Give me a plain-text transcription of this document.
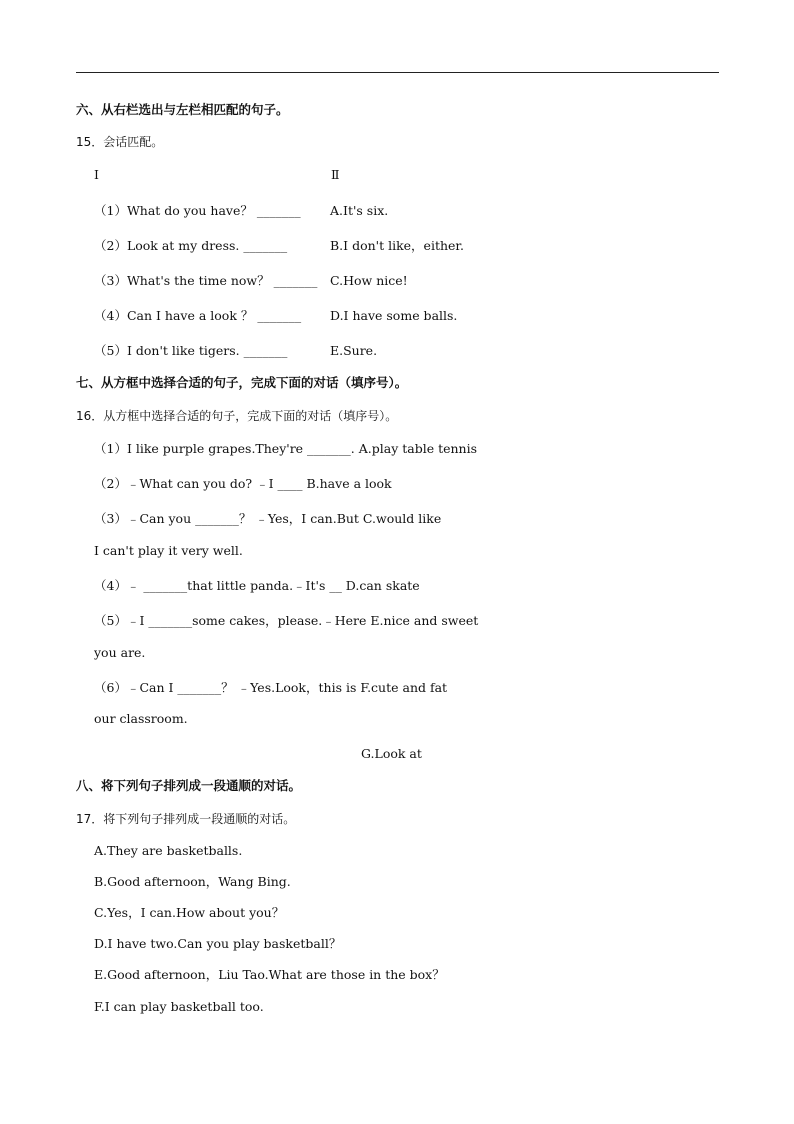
六、从右栏选出与左栏相匹配的句子。
15．会话匹配。
I	Ⅱ
（1）What do you have？ _______ A.It's six.
（2）Look at my dress. _______	B.I don't like，either.
（3）What's the time now？ _______ C.How nice!
（4）Can I have a look ？ _______ D.I have some balls.
（5）I don't like tigers. _______	E.Sure.
七、从方框中选择合适的句子，完成下面的对话（填序号）。
16．从方框中选择合适的句子，完成下面的对话（填序号）。
（1）I like purple grapes.They're _______. A.play table tennis
（2）﹣What can you do? ﹣I ____ B.have a look
（3）﹣Can you _______？ ﹣Yes，I can.But C.would like
I can't play it very well.
（4）﹣ _______that little panda.﹣It's __ D.can skate
（5）﹣I _______some cakes，please.﹣Here E.nice and sweet
you are.
（6）﹣Can I _______？ ﹣Yes.Look，this is F.cute and fat
our classroom.
G.Look at
八、将下列句子排列成一段通顺的对话。
17．将下列句子排列成一段通顺的对话。
A.They are basketballs.
B.Good afternoon，Wang Bing.
C.Yes，I can.How about you？
D.I have two.Can you play basketball？
E.Good afternoon，Liu Tao.What are those in the box？
F.I can play basketball too.
